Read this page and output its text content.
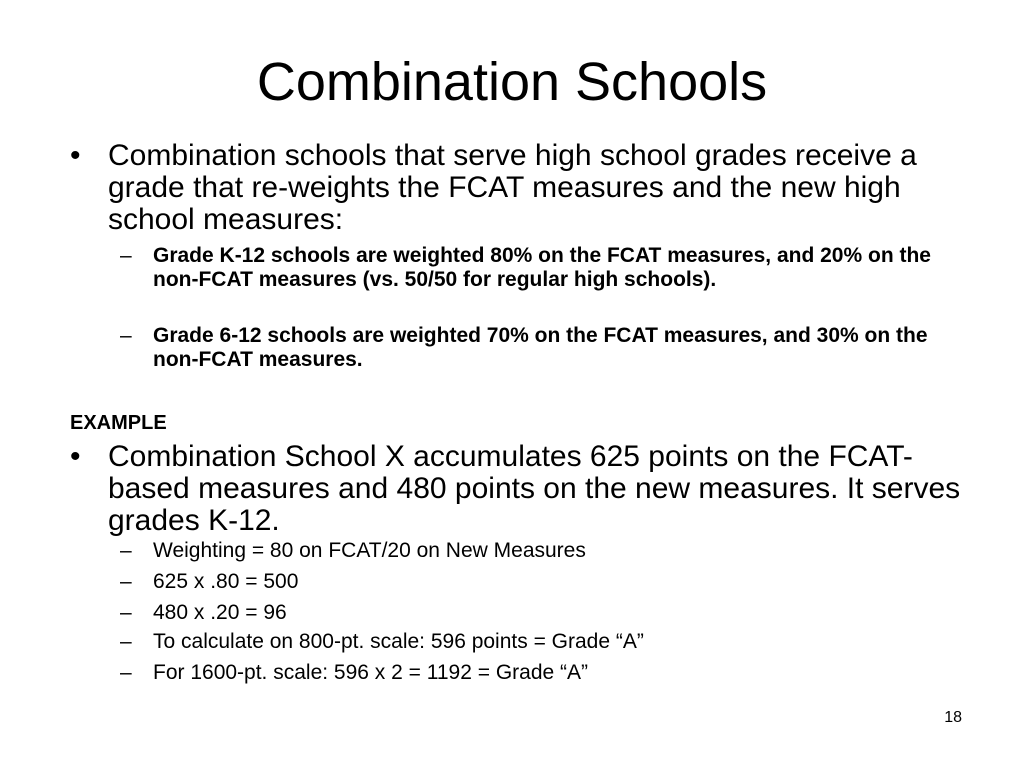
Combination Schools
• Combination schools that serve high school grades receive a grade that re-weights the FCAT measures and the new high school measures:
– Grade K-12 schools are weighted 80% on the FCAT measures, and 20% on the non-FCAT measures (vs. 50/50 for regular high schools).
– Grade 6-12 schools are weighted 70% on the FCAT measures, and 30% on the non-FCAT measures.
EXAMPLE
• Combination School X accumulates 625 points on the FCAT-based measures and 480 points on the new measures. It serves grades K-12.
– Weighting = 80 on FCAT/20 on New Measures
– 625 x .80 = 500
– 480 x .20 = 96
– To calculate on 800-pt. scale: 596 points = Grade “A”
– For 1600-pt. scale: 596 x 2 = 1192 = Grade “A”
18
